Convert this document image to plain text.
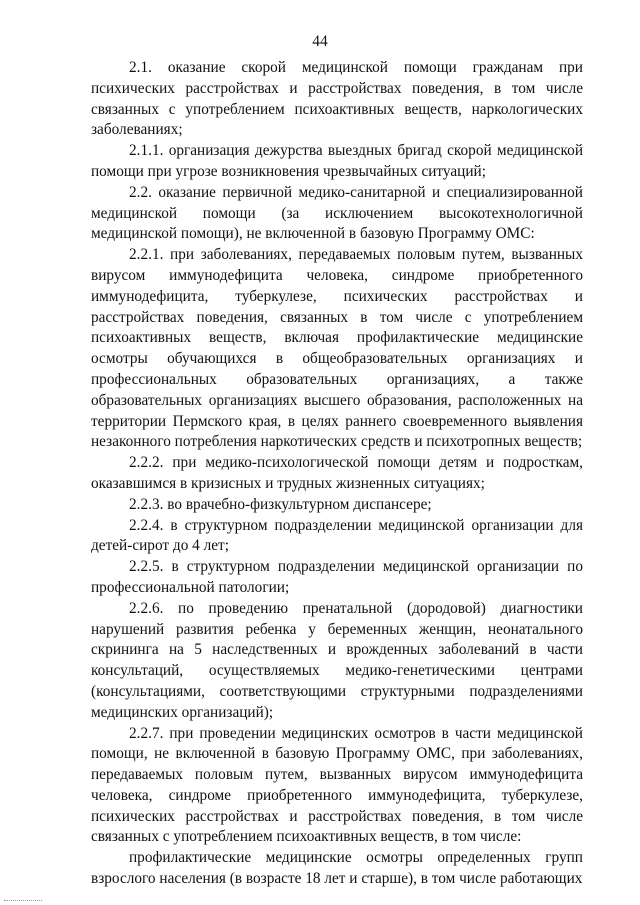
44

2.1. оказание скорой медицинской помощи гражданам при психических расстройствах и расстройствах поведения, в том числе связанных с употреблением психоактивных веществ, наркологических заболеваниях;

2.1.1. организация дежурства выездных бригад скорой медицинской помощи при угрозе возникновения чрезвычайных ситуаций;

2.2. оказание первичной медико-санитарной и специализированной медицинской помощи (за исключением высокотехнологичной медицинской помощи), не включенной в базовую Программу ОМС:

2.2.1. при заболеваниях, передаваемых половым путем, вызванных вирусом иммунодефицита человека, синдроме приобретенного иммунодефицита, туберкулезе, психических расстройствах и расстройствах поведения, связанных в том числе с употреблением психоактивных веществ, включая профилактические медицинские осмотры обучающихся в общеобразовательных организациях и профессиональных образовательных организациях, а также образовательных организациях высшего образования, расположенных на территории Пермского края, в целях раннего своевременного выявления незаконного потребления наркотических средств и психотропных веществ;

2.2.2. при медико-психологической помощи детям и подросткам, оказавшимся в кризисных и трудных жизненных ситуациях;

2.2.3. во врачебно-физкультурном диспансере;

2.2.4. в структурном подразделении медицинской организации для детей-сирот до 4 лет;

2.2.5. в структурном подразделении медицинской организации по профессиональной патологии;

2.2.6. по проведению пренатальной (дородовой) диагностики нарушений развития ребенка у беременных женщин, неонатального скрининга на 5 наследственных и врожденных заболеваний в части консультаций, осуществляемых медико-генетическими центрами (консультациями, соответствующими структурными подразделениями медицинских организаций);

2.2.7. при проведении медицинских осмотров в части медицинской помощи, не включенной в базовую Программу ОМС, при заболеваниях, передаваемых половым путем, вызванных вирусом иммунодефицита человека, синдроме приобретенного иммунодефицита, туберкулезе, психических расстройствах и расстройствах поведения, в том числе связанных с употреблением психоактивных веществ, в том числе:

профилактические медицинские осмотры определенных групп взрослого населения (в возрасте 18 лет и старше), в том числе работающих
